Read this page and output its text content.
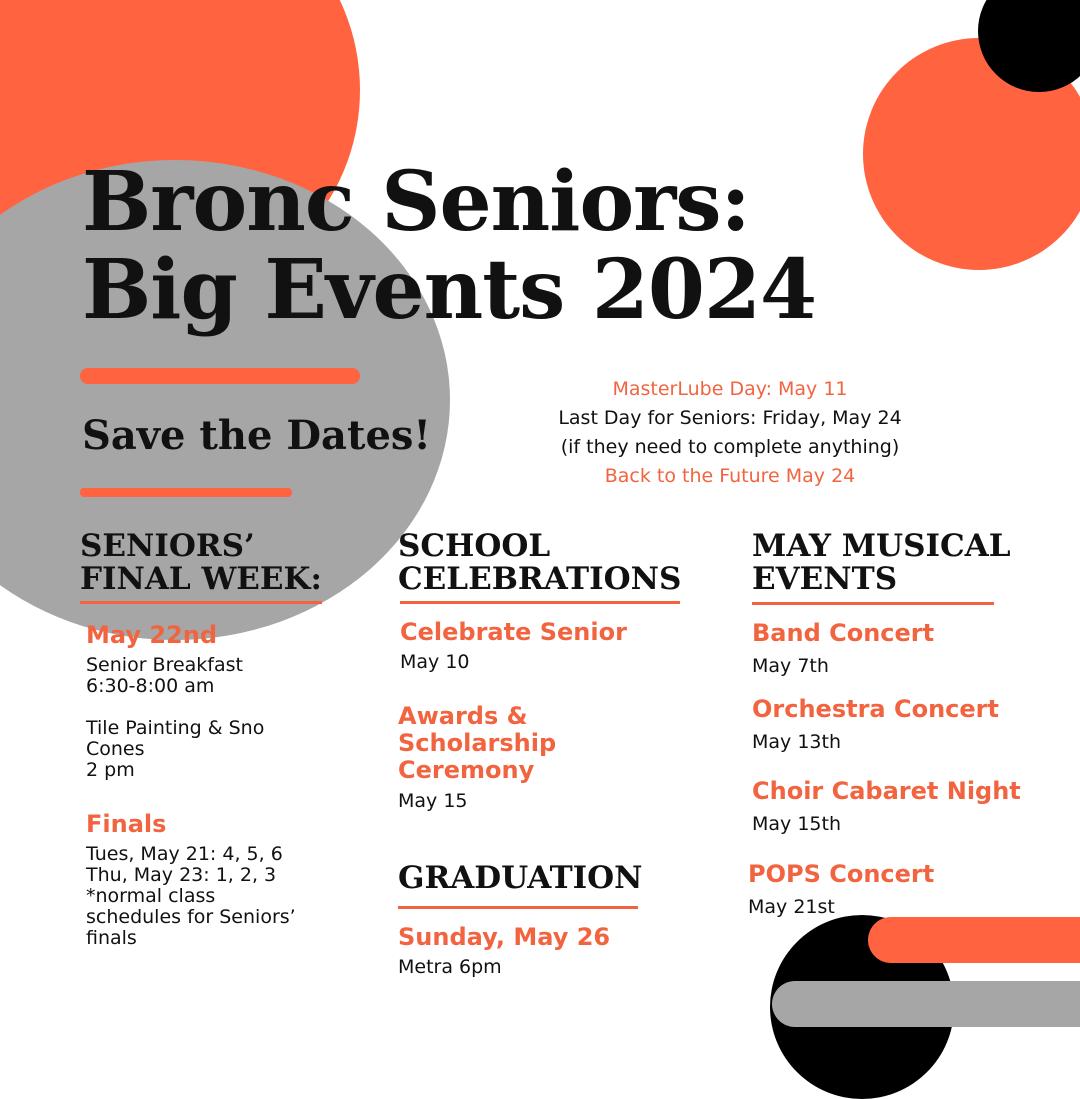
Bronc Seniors:
Big Events 2024
Save the Dates!
MasterLube Day: May 11
Last Day for Seniors: Friday, May 24
(if they need to complete anything)
Back to the Future May 24
SENIORS’
FINAL WEEK:
May 22nd
Senior Breakfast
6:30-8:00 am
Tile Painting & Sno
Cones
2 pm
Finals
Tues, May 21: 4, 5, 6
Thu, May 23: 1, 2, 3
*normal class
schedules for Seniors’
finals
SCHOOL
CELEBRATIONS
Celebrate Senior
May 10
Awards &
Scholarship
Ceremony
May 15
GRADUATION
Sunday, May 26
Metra 6pm
MAY MUSICAL
EVENTS
Band Concert
May 7th
Orchestra Concert
May 13th
Choir Cabaret Night
May 15th
POPS Concert
May 21st
